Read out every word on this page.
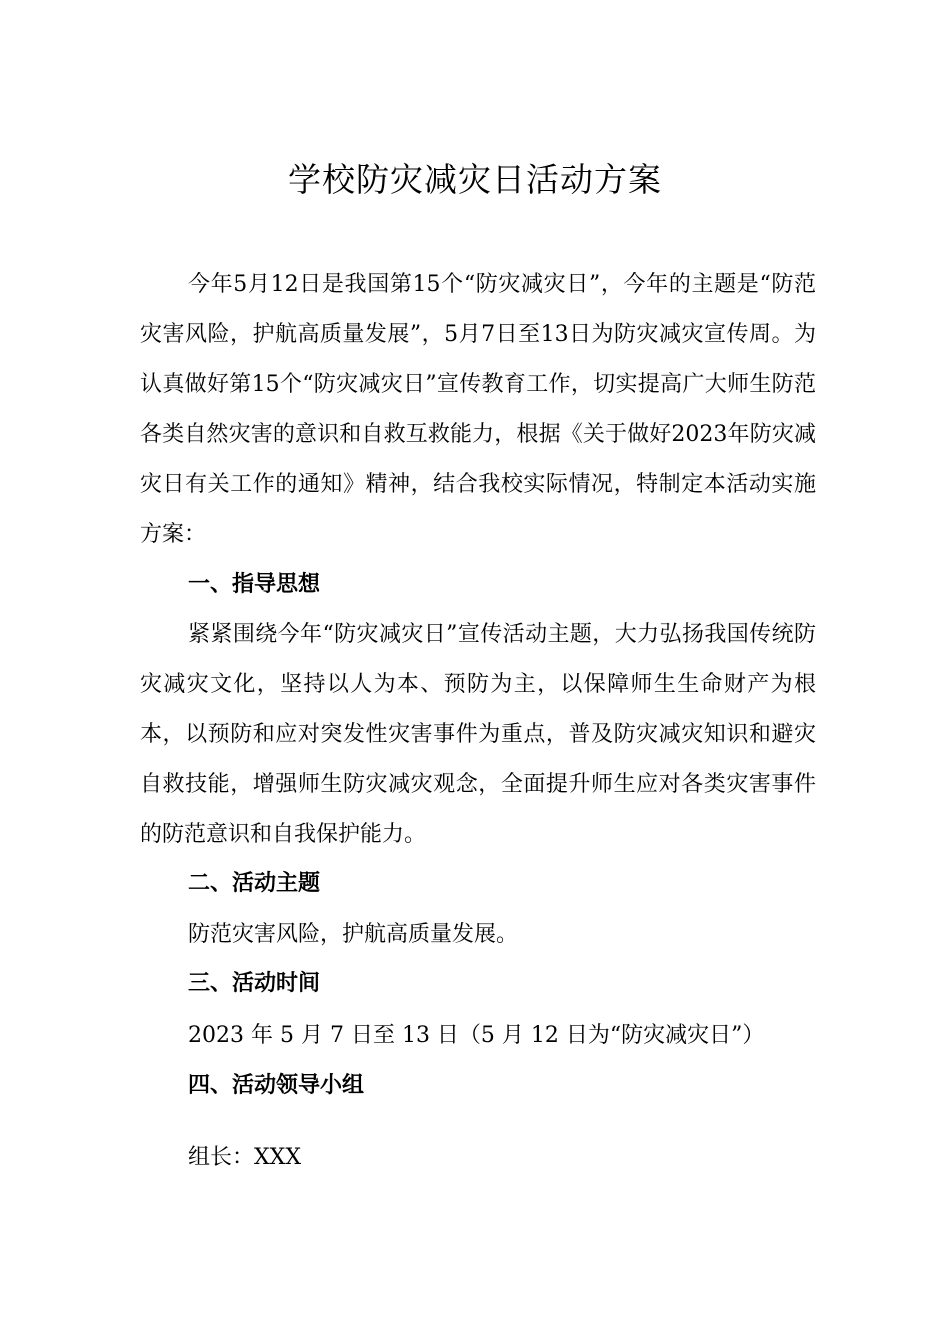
学校防灾减灾日活动方案

今年5月12日是我国第15个“防灾减灾日”，今年的主题是“防范灾害风险，护航高质量发展”，5月7日至13日为防灾减灾宣传周。为认真做好第15个“防灾减灾日”宣传教育工作，切实提高广大师生防范各类自然灾害的意识和自救互救能力，根据《关于做好2023年防灾减灾日有关工作的通知》精神，结合我校实际情况，特制定本活动实施方案：

一、指导思想

紧紧围绕今年“防灾减灾日”宣传活动主题，大力弘扬我国传统防灾减灾文化，坚持以人为本、预防为主，以保障师生生命财产为根本，以预防和应对突发性灾害事件为重点，普及防灾减灾知识和避灾自救技能，增强师生防灾减灾观念，全面提升师生应对各类灾害事件的防范意识和自我保护能力。

二、活动主题
防范灾害风险，护航高质量发展。
三、活动时间
2023 年 5 月 7 日至 13 日（5 月 12 日为“防灾减灾日”）
四、活动领导小组
组长：XXX
